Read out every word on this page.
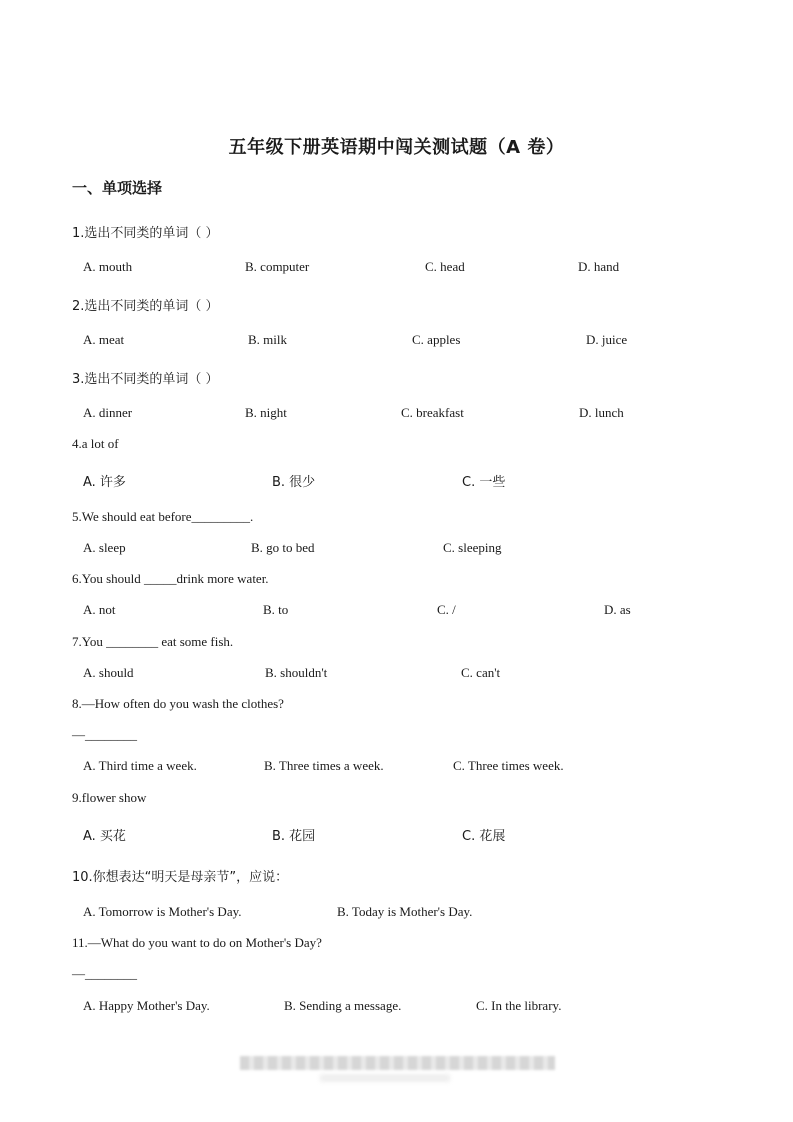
五年级下册英语期中闯关测试题（A 卷）
一、单项选择
1.选出不同类的单词（ ）
A. mouth	B. computer	C. head	D. hand
2.选出不同类的单词（ ）
A. meat	B. milk	C. apples	D. juice
3.选出不同类的单词（ ）
A. dinner	B. night	C. breakfast	D. lunch
4.a lot of
A. 许多	B. 很少	C. 一些
5.We should eat before_________.
A. sleep	B. go to bed	C. sleeping
6.You should _____drink more water.
A. not	B. to	C. /	D. as
7.You ________ eat some fish.
A. should	B. shouldn't	C. can't
8.—How often do you wash the clothes?
—________
A. Third time a week.	B. Three times a week.	C. Three times week.
9.flower show
A. 买花	B. 花园	C. 花展
10.你想表达“明天是母亲节”，应说：
A. Tomorrow is Mother's Day.	B. Today is Mother's Day.
11.—What do you want to do on Mother's Day?
—________
A. Happy Mother's Day.	B. Sending a message.	C. In the library.
